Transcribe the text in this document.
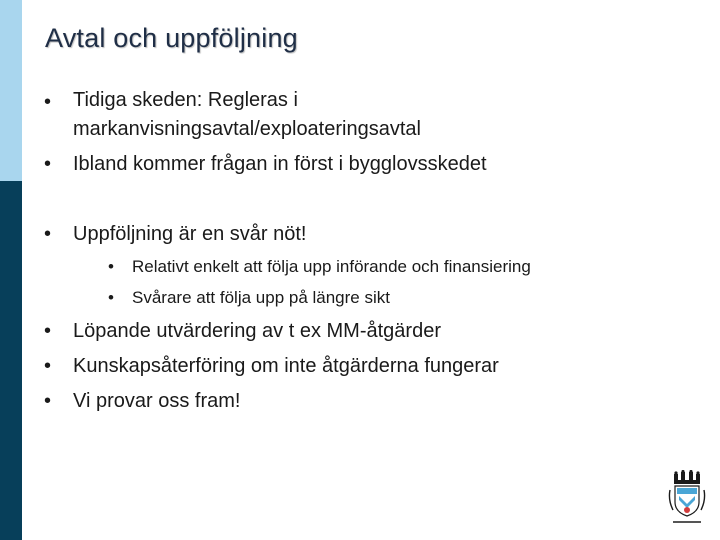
Avtal och uppföljning
• Tidiga skeden: Regleras i
markanvisningsavtal/exploateringsavtal
• Ibland kommer frågan in först i bygglovsskedet
• Uppföljning är en svår nöt!
• Relativt enkelt att följa upp införande och finansiering
• Svårare att följa upp på längre sikt
• Löpande utvärdering av t ex MM-åtgärder
• Kunskapsåterföring om inte åtgärderna fungerar
• Vi provar oss fram!
